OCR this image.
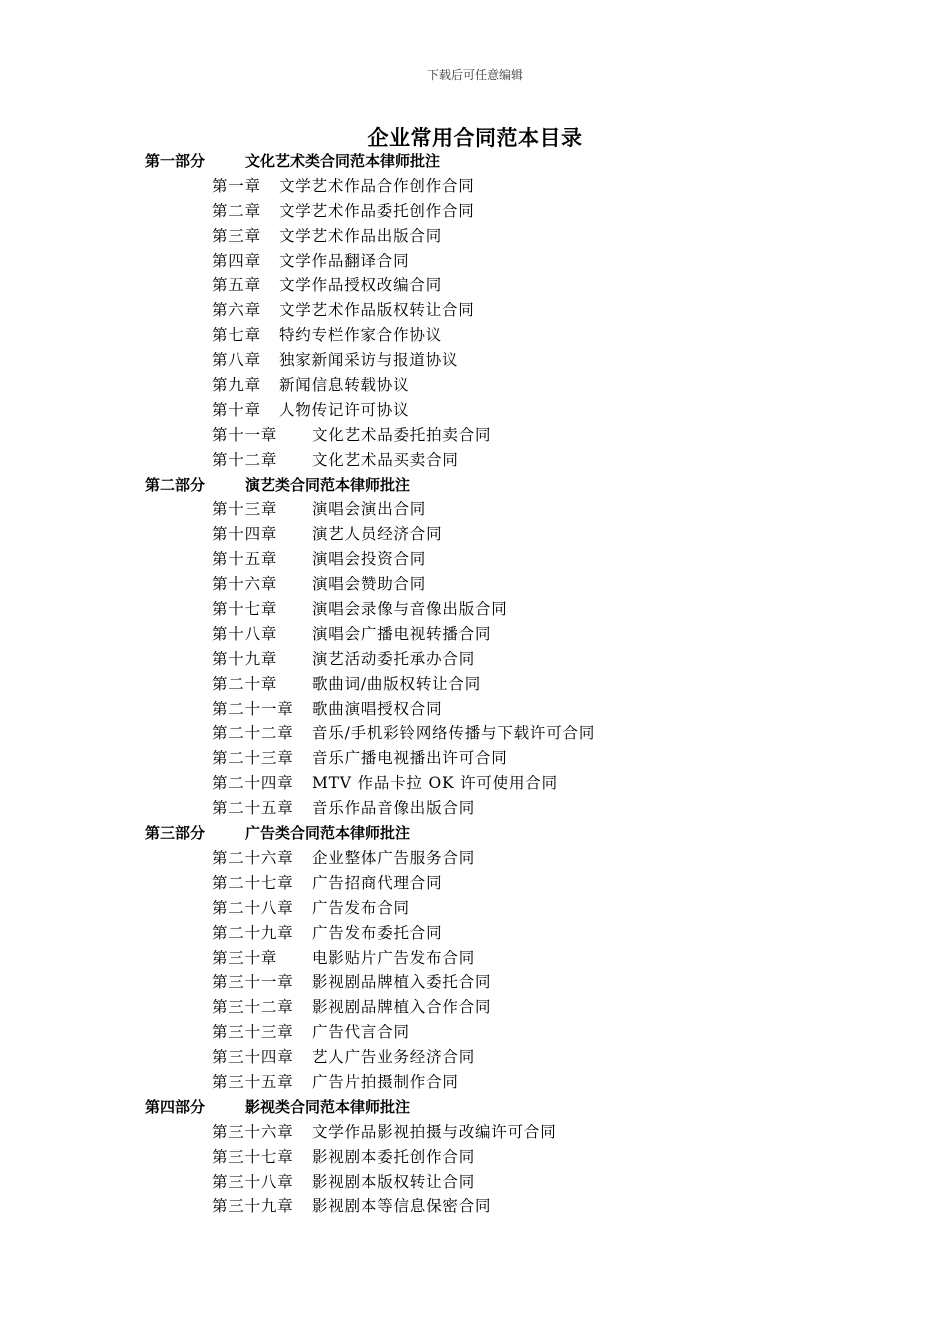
下载后可任意编辑
企业常用合同范本目录
第一部分	文化艺术类合同范本律师批注
第一章 文学艺术作品合作创作合同
第二章 文学艺术作品委托创作合同
第三章 文学艺术作品出版合同
第四章 文学作品翻译合同
第五章 文学作品授权改编合同
第六章 文学艺术作品版权转让合同
第七章 特约专栏作家合作协议
第八章 独家新闻采访与报道协议
第九章 新闻信息转载协议
第十章 人物传记许可协议
第十一章 文化艺术品委托拍卖合同
第十二章 文化艺术品买卖合同
第二部分	演艺类合同范本律师批注
第十三章 演唱会演出合同
第十四章 演艺人员经济合同
第十五章 演唱会投资合同
第十六章 演唱会赞助合同
第十七章 演唱会录像与音像出版合同
第十八章 演唱会广播电视转播合同
第十九章 演艺活动委托承办合同
第二十章 歌曲词/曲版权转让合同
第二十一章 歌曲演唱授权合同
第二十二章 音乐/手机彩铃网络传播与下载许可合同
第二十三章 音乐广播电视播出许可合同
第二十四章 MTV 作品卡拉 OK 许可使用合同
第二十五章 音乐作品音像出版合同
第三部分	广告类合同范本律师批注
第二十六章 企业整体广告服务合同
第二十七章 广告招商代理合同
第二十八章 广告发布合同
第二十九章 广告发布委托合同
第三十章 电影贴片广告发布合同
第三十一章 影视剧品牌植入委托合同
第三十二章 影视剧品牌植入合作合同
第三十三章 广告代言合同
第三十四章 艺人广告业务经济合同
第三十五章 广告片拍摄制作合同
第四部分	影视类合同范本律师批注
第三十六章 文学作品影视拍摄与改编许可合同
第三十七章 影视剧本委托创作合同
第三十八章 影视剧本版权转让合同
第三十九章 影视剧本等信息保密合同
